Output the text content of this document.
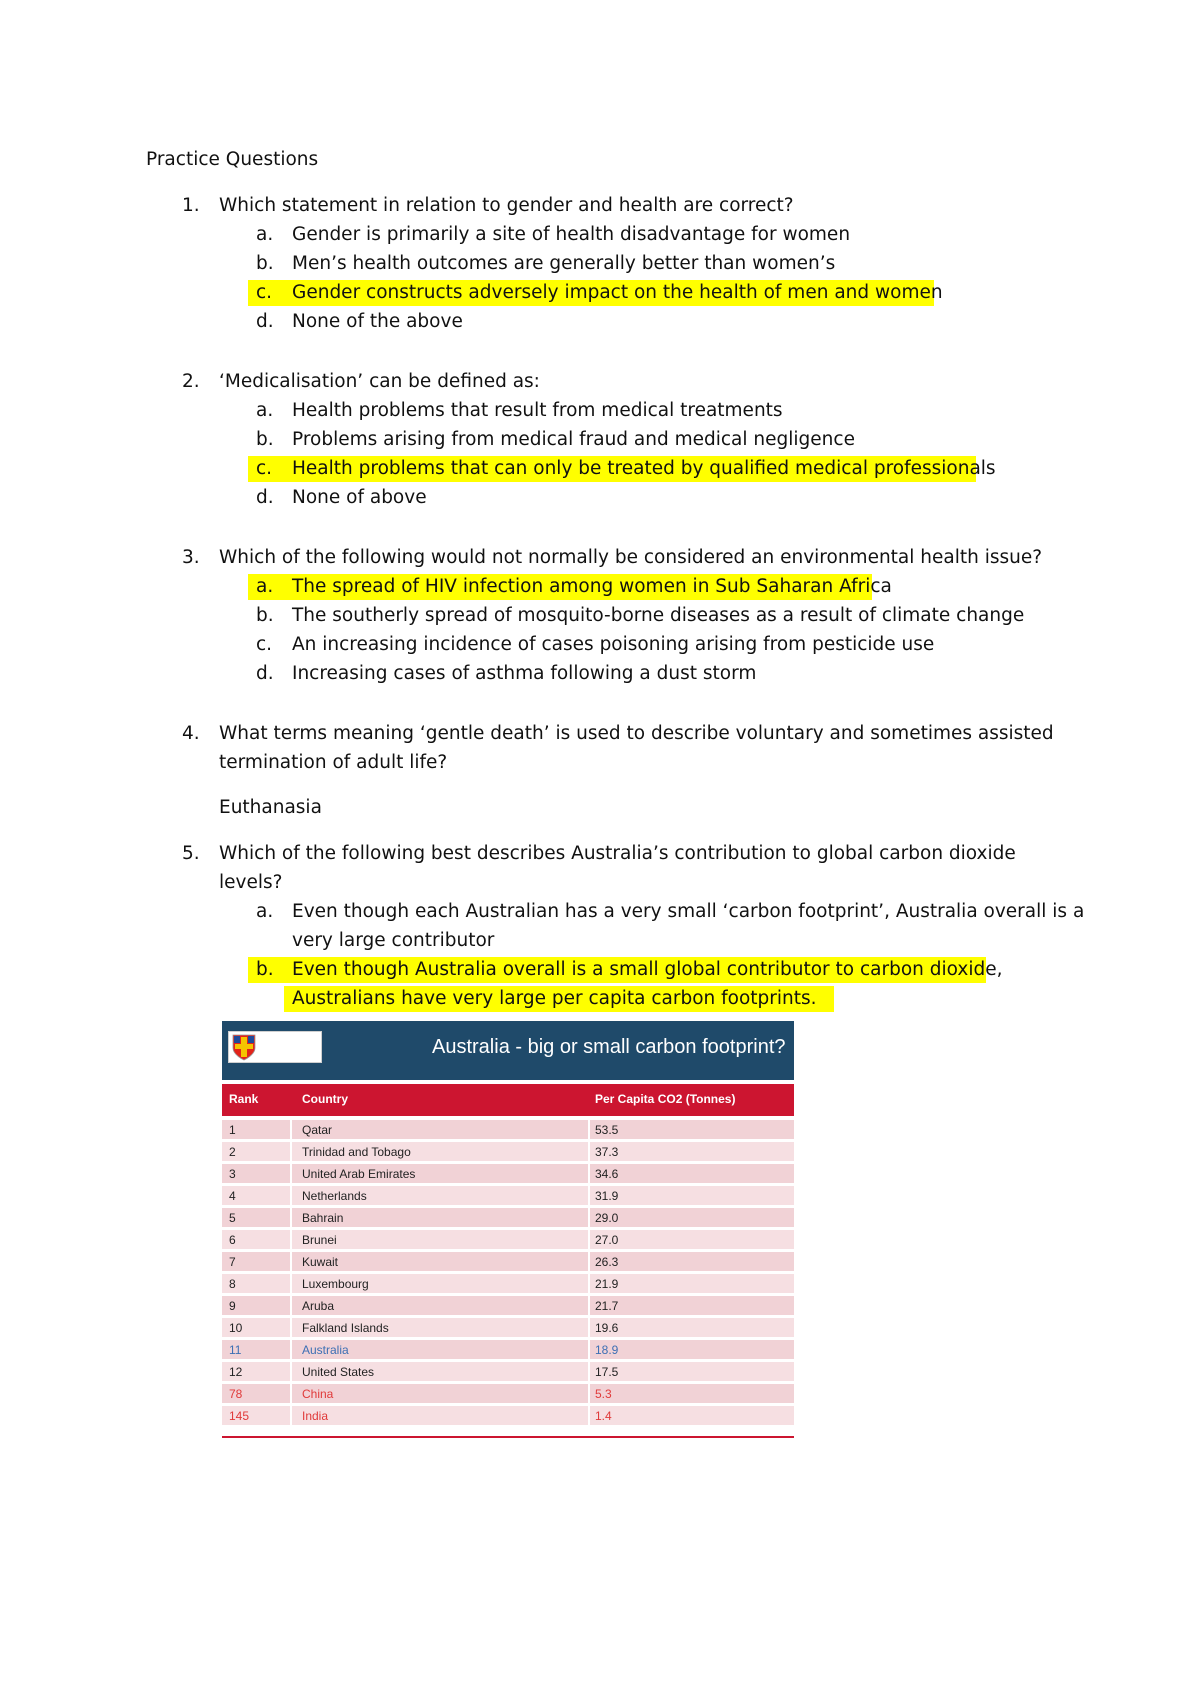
Practice Questions
1. Which statement in relation to gender and health are correct?
a. Gender is primarily a site of health disadvantage for women
b. Men’s health outcomes are generally better than women’s
c. Gender constructs adversely impact on the health of men and women
d. None of the above
2. ‘Medicalisation’ can be defined as:
a. Health problems that result from medical treatments
b. Problems arising from medical fraud and medical negligence
c. Health problems that can only be treated by qualified medical professionals
d. None of above
3. Which of the following would not normally be considered an environmental health issue?
a. The spread of HIV infection among women in Sub Saharan Africa
b. The southerly spread of mosquito-borne diseases as a result of climate change
c. An increasing incidence of cases poisoning arising from pesticide use
d. Increasing cases of asthma following a dust storm
4. What terms meaning ‘gentle death’ is used to describe voluntary and sometimes assisted
termination of adult life?
Euthanasia
5. Which of the following best describes Australia’s contribution to global carbon dioxide
levels?
a. Even though each Australian has a very small ‘carbon footprint’, Australia overall is a
very large contributor
b. Even though Australia overall is a small global contributor to carbon dioxide,
Australians have very large per capita carbon footprints.
Australia - big or small carbon footprint?
Rank	Country	Per Capita CO2 (Tonnes)
1	Qatar	53.5
2	Trinidad and Tobago	37.3
3	United Arab Emirates	34.6
4	Netherlands	31.9
5	Bahrain	29.0
6	Brunei	27.0
7	Kuwait	26.3
8	Luxembourg	21.9
9	Aruba	21.7
10	Falkland Islands	19.6
11	Australia	18.9
12	United States	17.5
78	China	5.3
145	India	1.4
